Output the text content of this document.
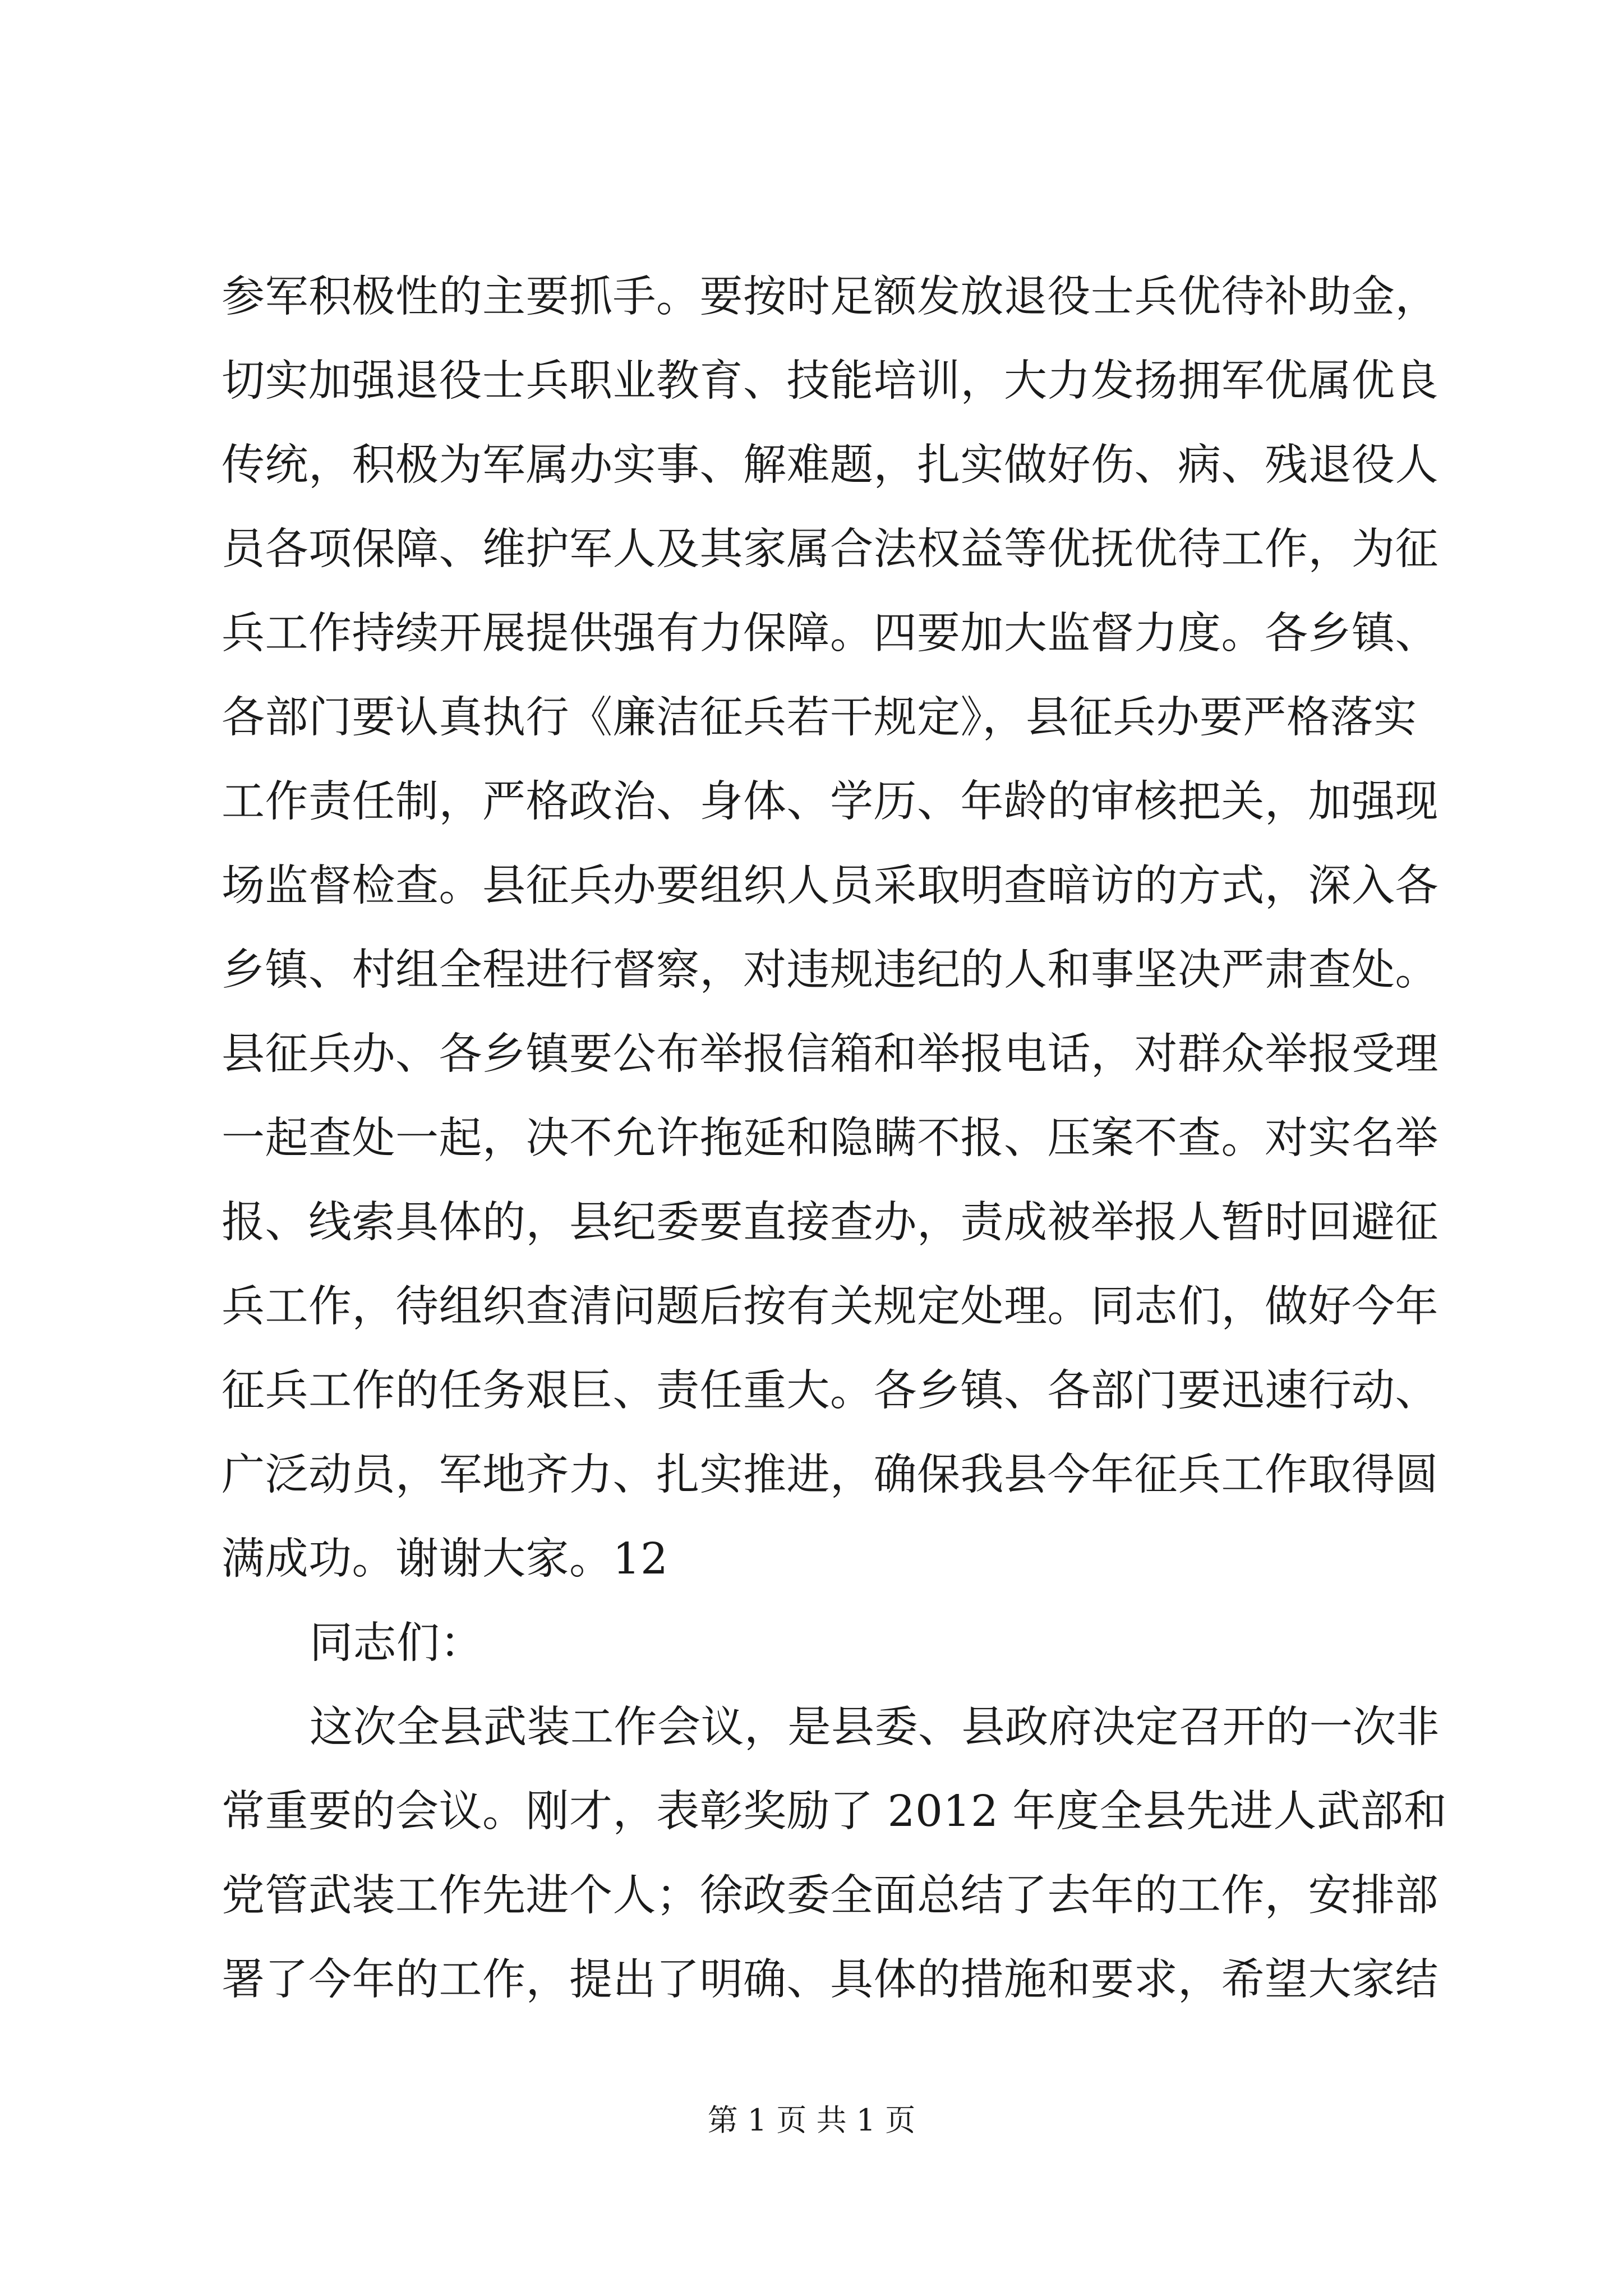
参军积极性的主要抓手。要按时足额发放退役士兵优待补助金，
切实加强退役士兵职业教育、技能培训，大力发扬拥军优属优良
传统，积极为军属办实事、解难题，扎实做好伤、病、残退役人
员各项保障、维护军人及其家属合法权益等优抚优待工作，为征
兵工作持续开展提供强有力保障。四要加大监督力度。各乡镇、
各部门要认真执行《廉洁征兵若干规定》，县征兵办要严格落实
工作责任制，严格政治、身体、学历、年龄的审核把关，加强现
场监督检查。县征兵办要组织人员采取明查暗访的方式，深入各
乡镇、村组全程进行督察，对违规违纪的人和事坚决严肃查处。
县征兵办、各乡镇要公布举报信箱和举报电话，对群众举报受理
一起查处一起，决不允许拖延和隐瞒不报、压案不查。对实名举
报、线索具体的，县纪委要直接查办，责成被举报人暂时回避征
兵工作，待组织查清问题后按有关规定处理。同志们，做好今年
征兵工作的任务艰巨、责任重大。各乡镇、各部门要迅速行动、
广泛动员，军地齐力、扎实推进，确保我县今年征兵工作取得圆
满成功。谢谢大家。12
同志们：
这次全县武装工作会议，是县委、县政府决定召开的一次非
常重要的会议。刚才，表彰奖励了 2012 年度全县先进人武部和
党管武装工作先进个人；徐政委全面总结了去年的工作，安排部
署了今年的工作，提出了明确、具体的措施和要求，希望大家结
第 1 页 共 1 页
